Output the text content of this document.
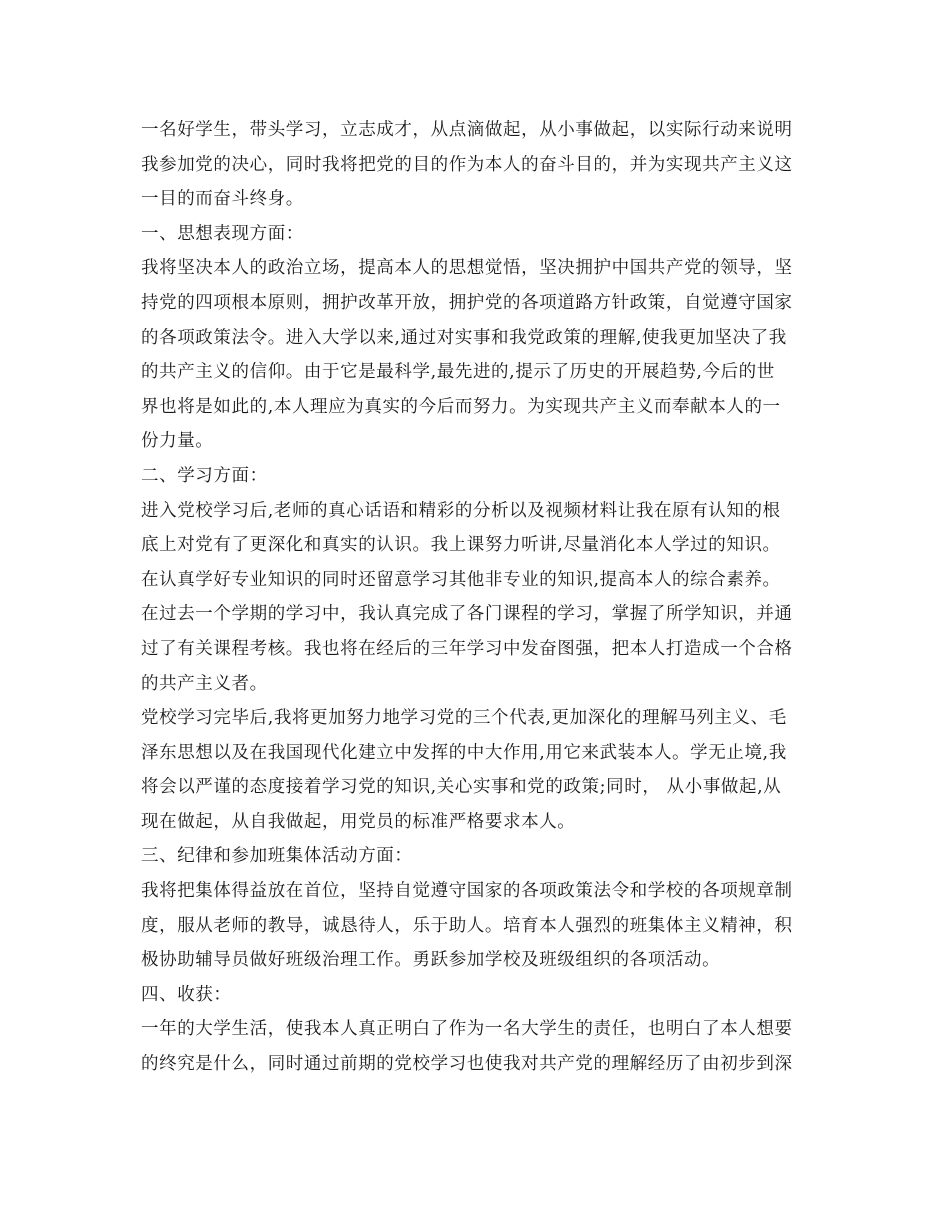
一名好学生，带头学习，立志成才，从点滴做起，从小事做起，以实际行动来说明
我参加党的决心，同时我将把党的目的作为本人的奋斗目的，并为实现共产主义这
一目的而奋斗终身。
一、思想表现方面：
我将坚决本人的政治立场，提高本人的思想觉悟，坚决拥护中国共产党的领导，坚
持党的四项根本原则，拥护改革开放，拥护党的各项道路方针政策，自觉遵守国家
的各项政策法令。进入大学以来,通过对实事和我党政策的理解,使我更加坚决了我
的共产主义的信仰。由于它是最科学,最先进的,提示了历史的开展趋势,今后的世
界也将是如此的,本人理应为真实的今后而努力。为实现共产主义而奉献本人的一
份力量。
二、学习方面：
进入党校学习后,老师的真心话语和精彩的分析以及视频材料让我在原有认知的根
底上对党有了更深化和真实的认识。我上课努力听讲,尽量消化本人学过的知识。
在认真学好专业知识的同时还留意学习其他非专业的知识,提高本人的综合素养。
在过去一个学期的学习中，我认真完成了各门课程的学习，掌握了所学知识，并通
过了有关课程考核。我也将在经后的三年学习中发奋图强，把本人打造成一个合格
的共产主义者。
党校学习完毕后,我将更加努力地学习党的三个代表,更加深化的理解马列主义、毛
泽东思想以及在我国现代化建立中发挥的中大作用,用它来武装本人。学无止境,我
将会以严谨的态度接着学习党的知识,关心实事和党的政策;同时， 从小事做起,从
现在做起，从自我做起，用党员的标准严格要求本人。
三、纪律和参加班集体活动方面：
我将把集体得益放在首位，坚持自觉遵守国家的各项政策法令和学校的各项规章制
度，服从老师的教导，诚恳待人，乐于助人。培育本人强烈的班集体主义精神，积
极协助辅导员做好班级治理工作。勇跃参加学校及班级组织的各项活动。
四、收获：
一年的大学生活，使我本人真正明白了作为一名大学生的责任，也明白了本人想要
的终究是什么，同时通过前期的党校学习也使我对共产党的理解经历了由初步到深
